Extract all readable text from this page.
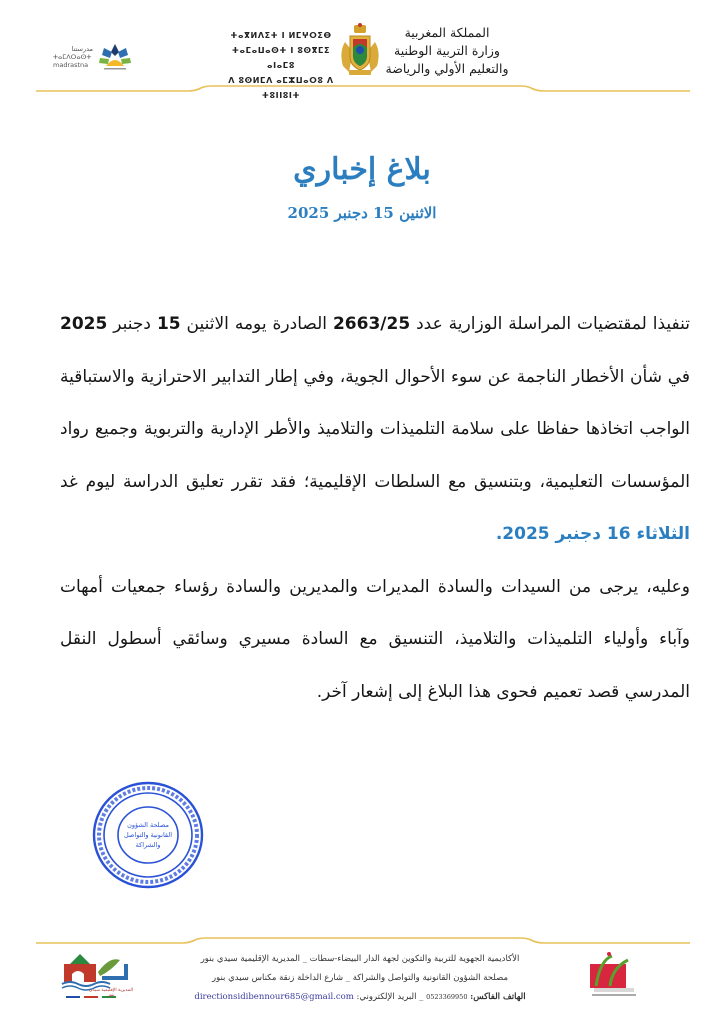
المملكة المغربية
وزارة التربية الوطنية
والتعليم الأولي والرياضة
ⵜⴰⴳⵍⴷⵉⵜ ⵏ ⵍⵎⵖⵔⵉⴱ
ⵜⴰⵎⴰⵡⴰⵙⵜ ⵏ ⵓⵙⴳⵎⵉ ⴰⵏⴰⵎⵓ
ⴷ ⵓⵙⵍⵎⴷ ⴰⵎⵣⵡⴰⵔⵓ ⴷ ⵜⵓⵏⵏⵓⵏⵜ
مدرستنا
ⵜⴰⵎⴷⵔⴰⵙⵜ
madrastna
بلاغ إخباري
الاثنين 15 دجنبر 2025

تنفيذا لمقتضيات المراسلة الوزارية عدد 2663/25 الصادرة يومه الاثنين 15 دجنبر 2025 في شأن الأخطار الناجمة عن سوء الأحوال الجوية، وفي إطار التدابير الاحترازية والاستباقية الواجب اتخاذها حفاظا على سلامة التلميذات والتلاميذ والأطر الإدارية والتربوية وجميع رواد المؤسسات التعليمية، وبتنسيق مع السلطات الإقليمية؛ فقد تقرر تعليق الدراسة ليوم غد الثلاثاء 16 دجنبر 2025.

وعليه، يرجى من السيدات والسادة المديرات والمديرين والسادة رؤساء جمعيات أمهات وآباء وأولياء التلميذات والتلاميذ، التنسيق مع السادة مسيري وسائقي أسطول النقل المدرسي قصد تعميم فحوى هذا البلاغ إلى إشعار آخر.

مصلحة الشؤون
القانونية والتواصل
والشراكة
المديرية الإقليمية سيدي بنور
الأكاديمية الجهوية للتربية والتكوين لجهة الدار البيضاء-سطات _ المديرية الإقليمية سيدي بنور
مصلحة الشؤون القانونية والتواصل والشراكة _ شارع الداخلة زنقة مكناس سيدي بنور
الهاتف الفاكس: 0523369950 _ البريد الإلكتروني: directionsidibennour685@gmail.com
